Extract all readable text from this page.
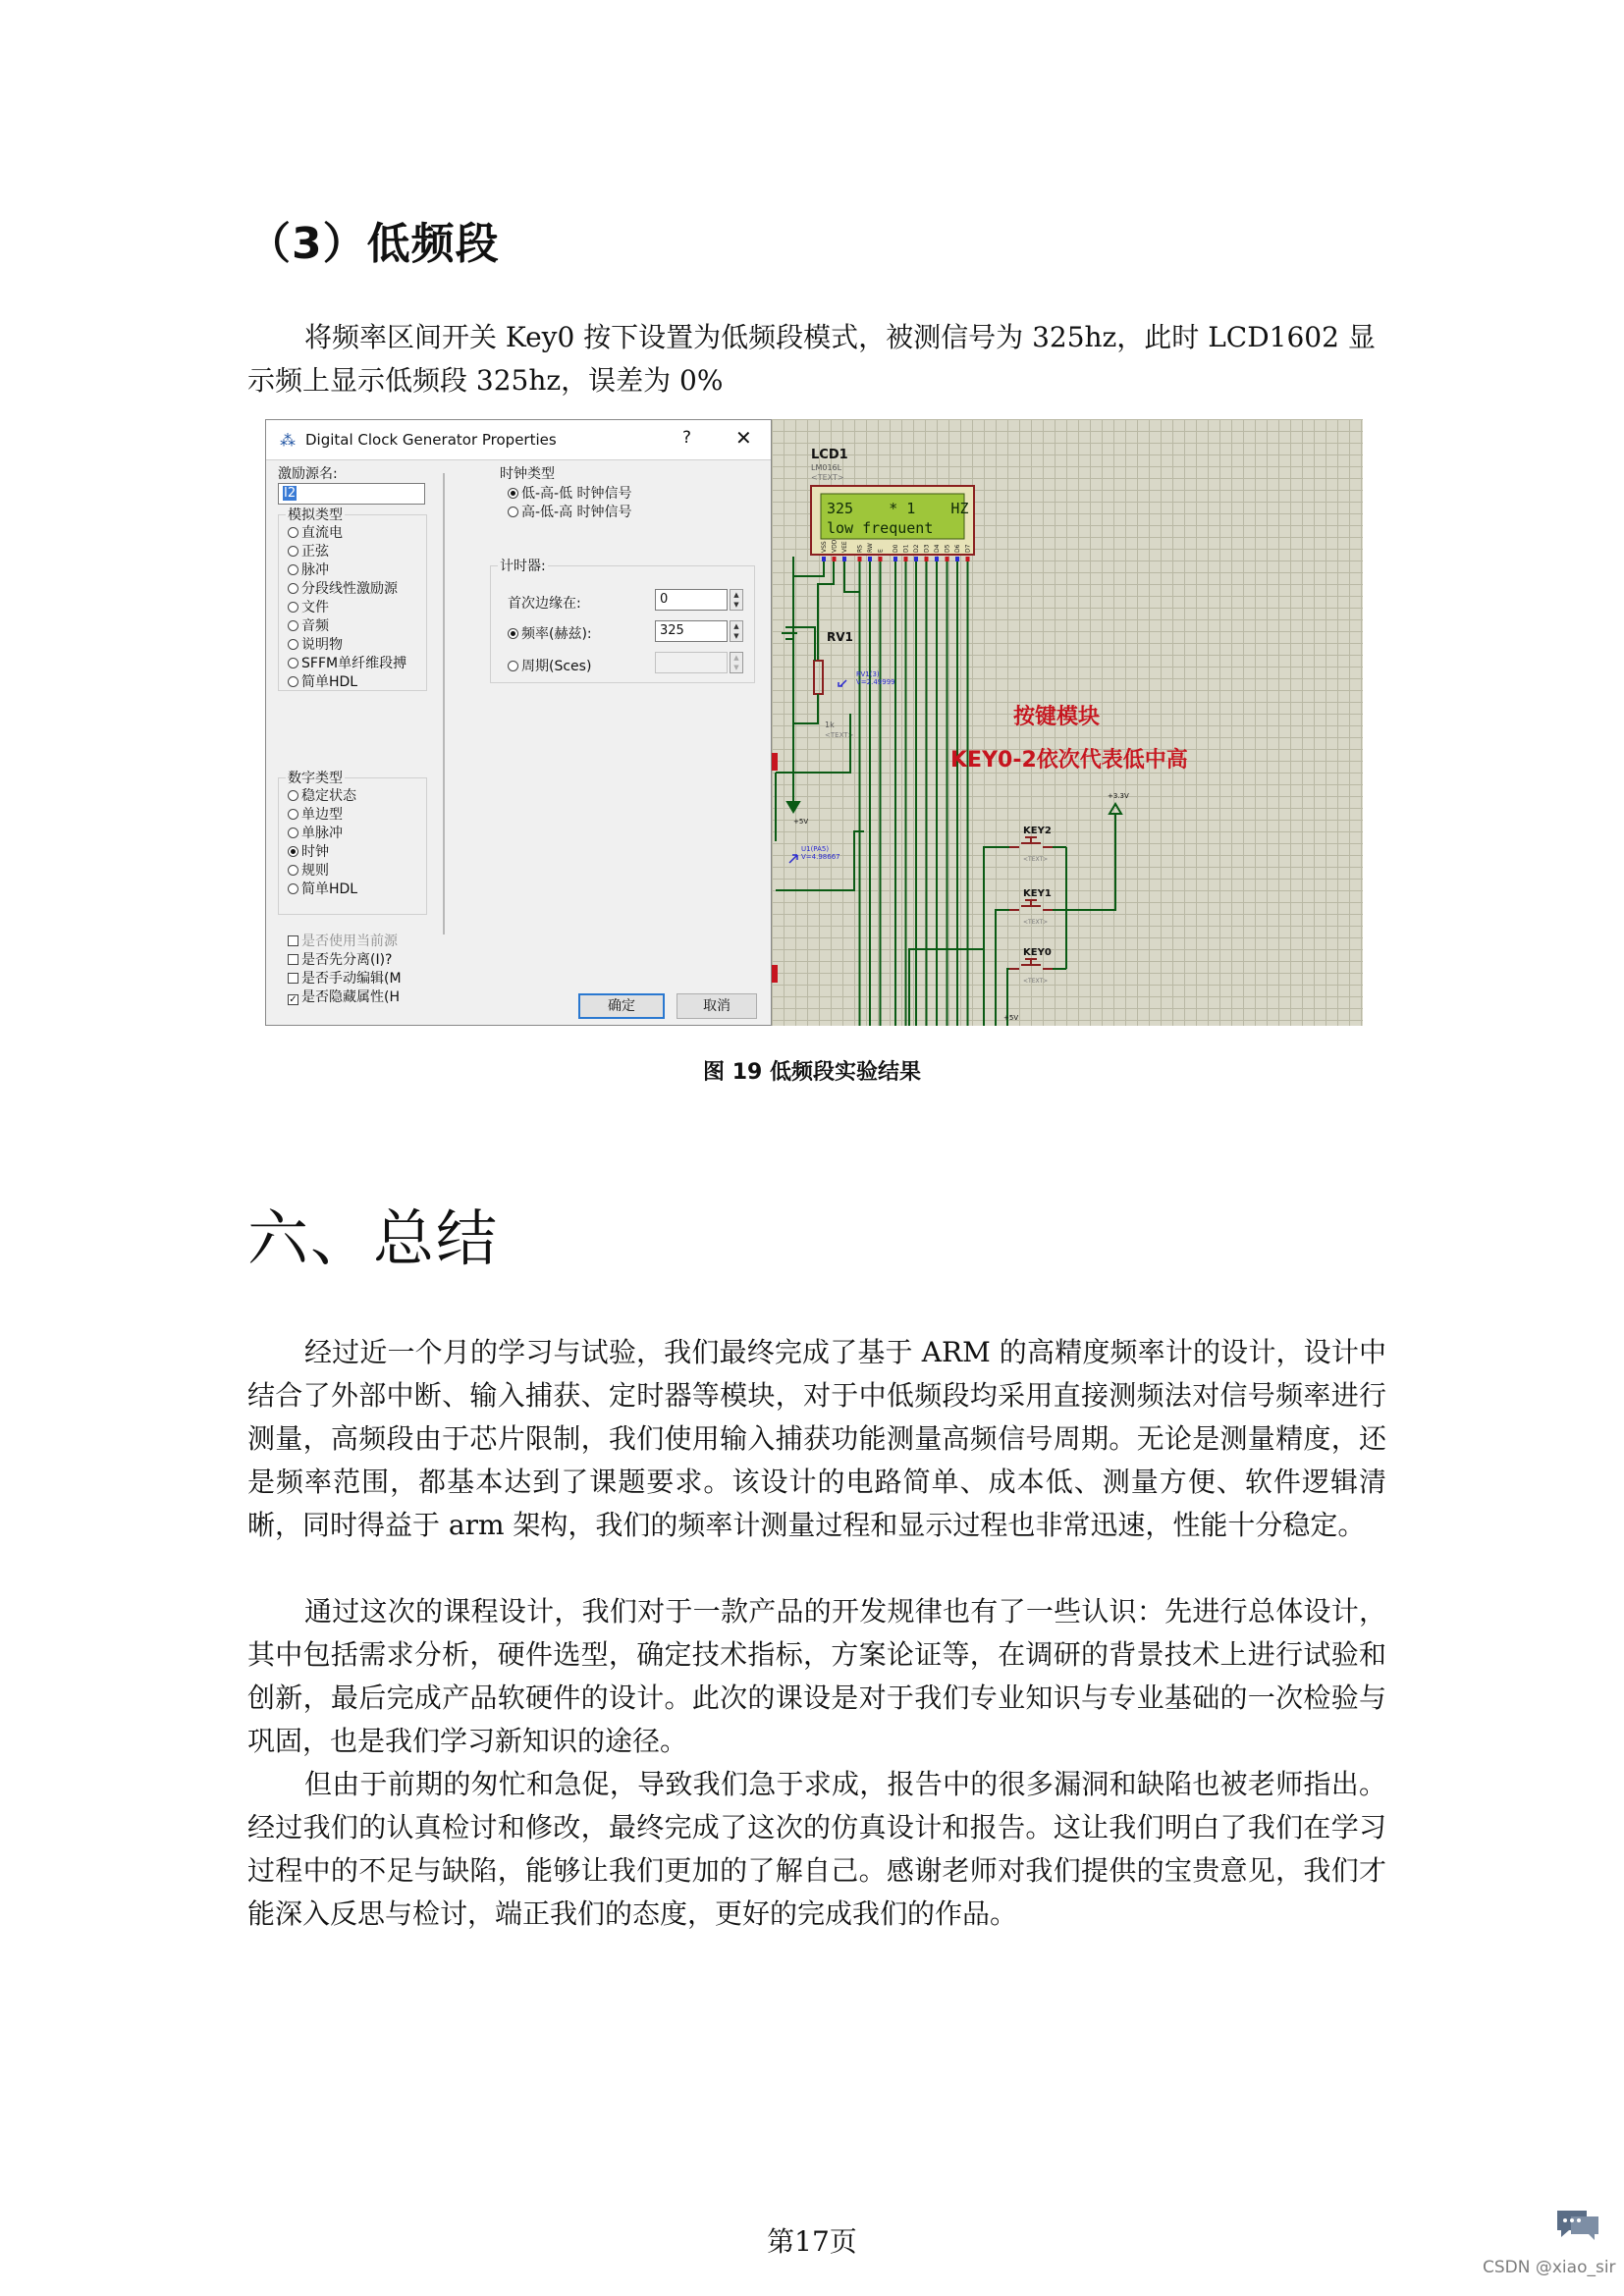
（3）低频段

将频率区间开关 Key0 按下设置为低频段模式，被测信号为 325hz，此时 LCD1602 显示频上显示低频段 325hz，误差为 0%

⁂ Digital Clock Generator Properties	? ✕
激励源名:
I2
模拟类型
直流电
正弦
脉冲
分段线性激励源
文件
音频
说明物
SFFM单纤维段搏
简单HDL
数字类型
稳定状态
单边型
单脉冲
时钟
规则
简单HDL
是否使用当前源
是否先分离(I)?
是否手动编辑(M
✓ 是否隐藏属性(H
时钟类型
低-高-低 时钟信号
高-低-高 时钟信号
计时器:
首次边缘在:	0	▲
▼
频率(赫兹):	325	▲
▼
周期(Sces)
▲
▼
确定	取消
LCD1
LM016L
<TEXT>
325    * 1    HZ
low frequent
VSS VDD VEE RS RW E D0 D1 D2 D3 D4 D5 D6 D7
RV1
1k
<TEXT>
RV1(3)
V=2.49999
+5V
U1(PA5)
V=4.98667
按键模块
KEY0-2依次代表低中高
+3.3V
KEY2
<TEXT>
KEY1
<TEXT>
KEY0
<TEXT>
+5V
图 19 低频段实验结果
六、总结

经过近一个月的学习与试验，我们最终完成了基于 ARM 的高精度频率计的设计，设计中结合了外部中断、输入捕获、定时器等模块，对于中低频段均采用直接测频法对信号频率进行测量，高频段由于芯片限制，我们使用输入捕获功能测量高频信号周期。无论是测量精度，还是频率范围，都基本达到了课题要求。该设计的电路简单、成本低、测量方便、软件逻辑清晰，同时得益于 arm 架构，我们的频率计测量过程和显示过程也非常迅速，性能十分稳定。

通过这次的课程设计，我们对于一款产品的开发规律也有了一些认识：先进行总体设计，其中包括需求分析，硬件选型，确定技术指标，方案论证等，在调研的背景技术上进行试验和创新，最后完成产品软硬件的设计。此次的课设是对于我们专业知识与专业基础的一次检验与巩固，也是我们学习新知识的途径。

但由于前期的匆忙和急促，导致我们急于求成，报告中的很多漏洞和缺陷也被老师指出。经过我们的认真检讨和修改，最终完成了这次的仿真设计和报告。这让我们明白了我们在学习过程中的不足与缺陷，能够让我们更加的了解自己。感谢老师对我们提供的宝贵意见，我们才能深入反思与检讨，端正我们的态度，更好的完成我们的作品。

第17页
CSDN @xiao_sir
